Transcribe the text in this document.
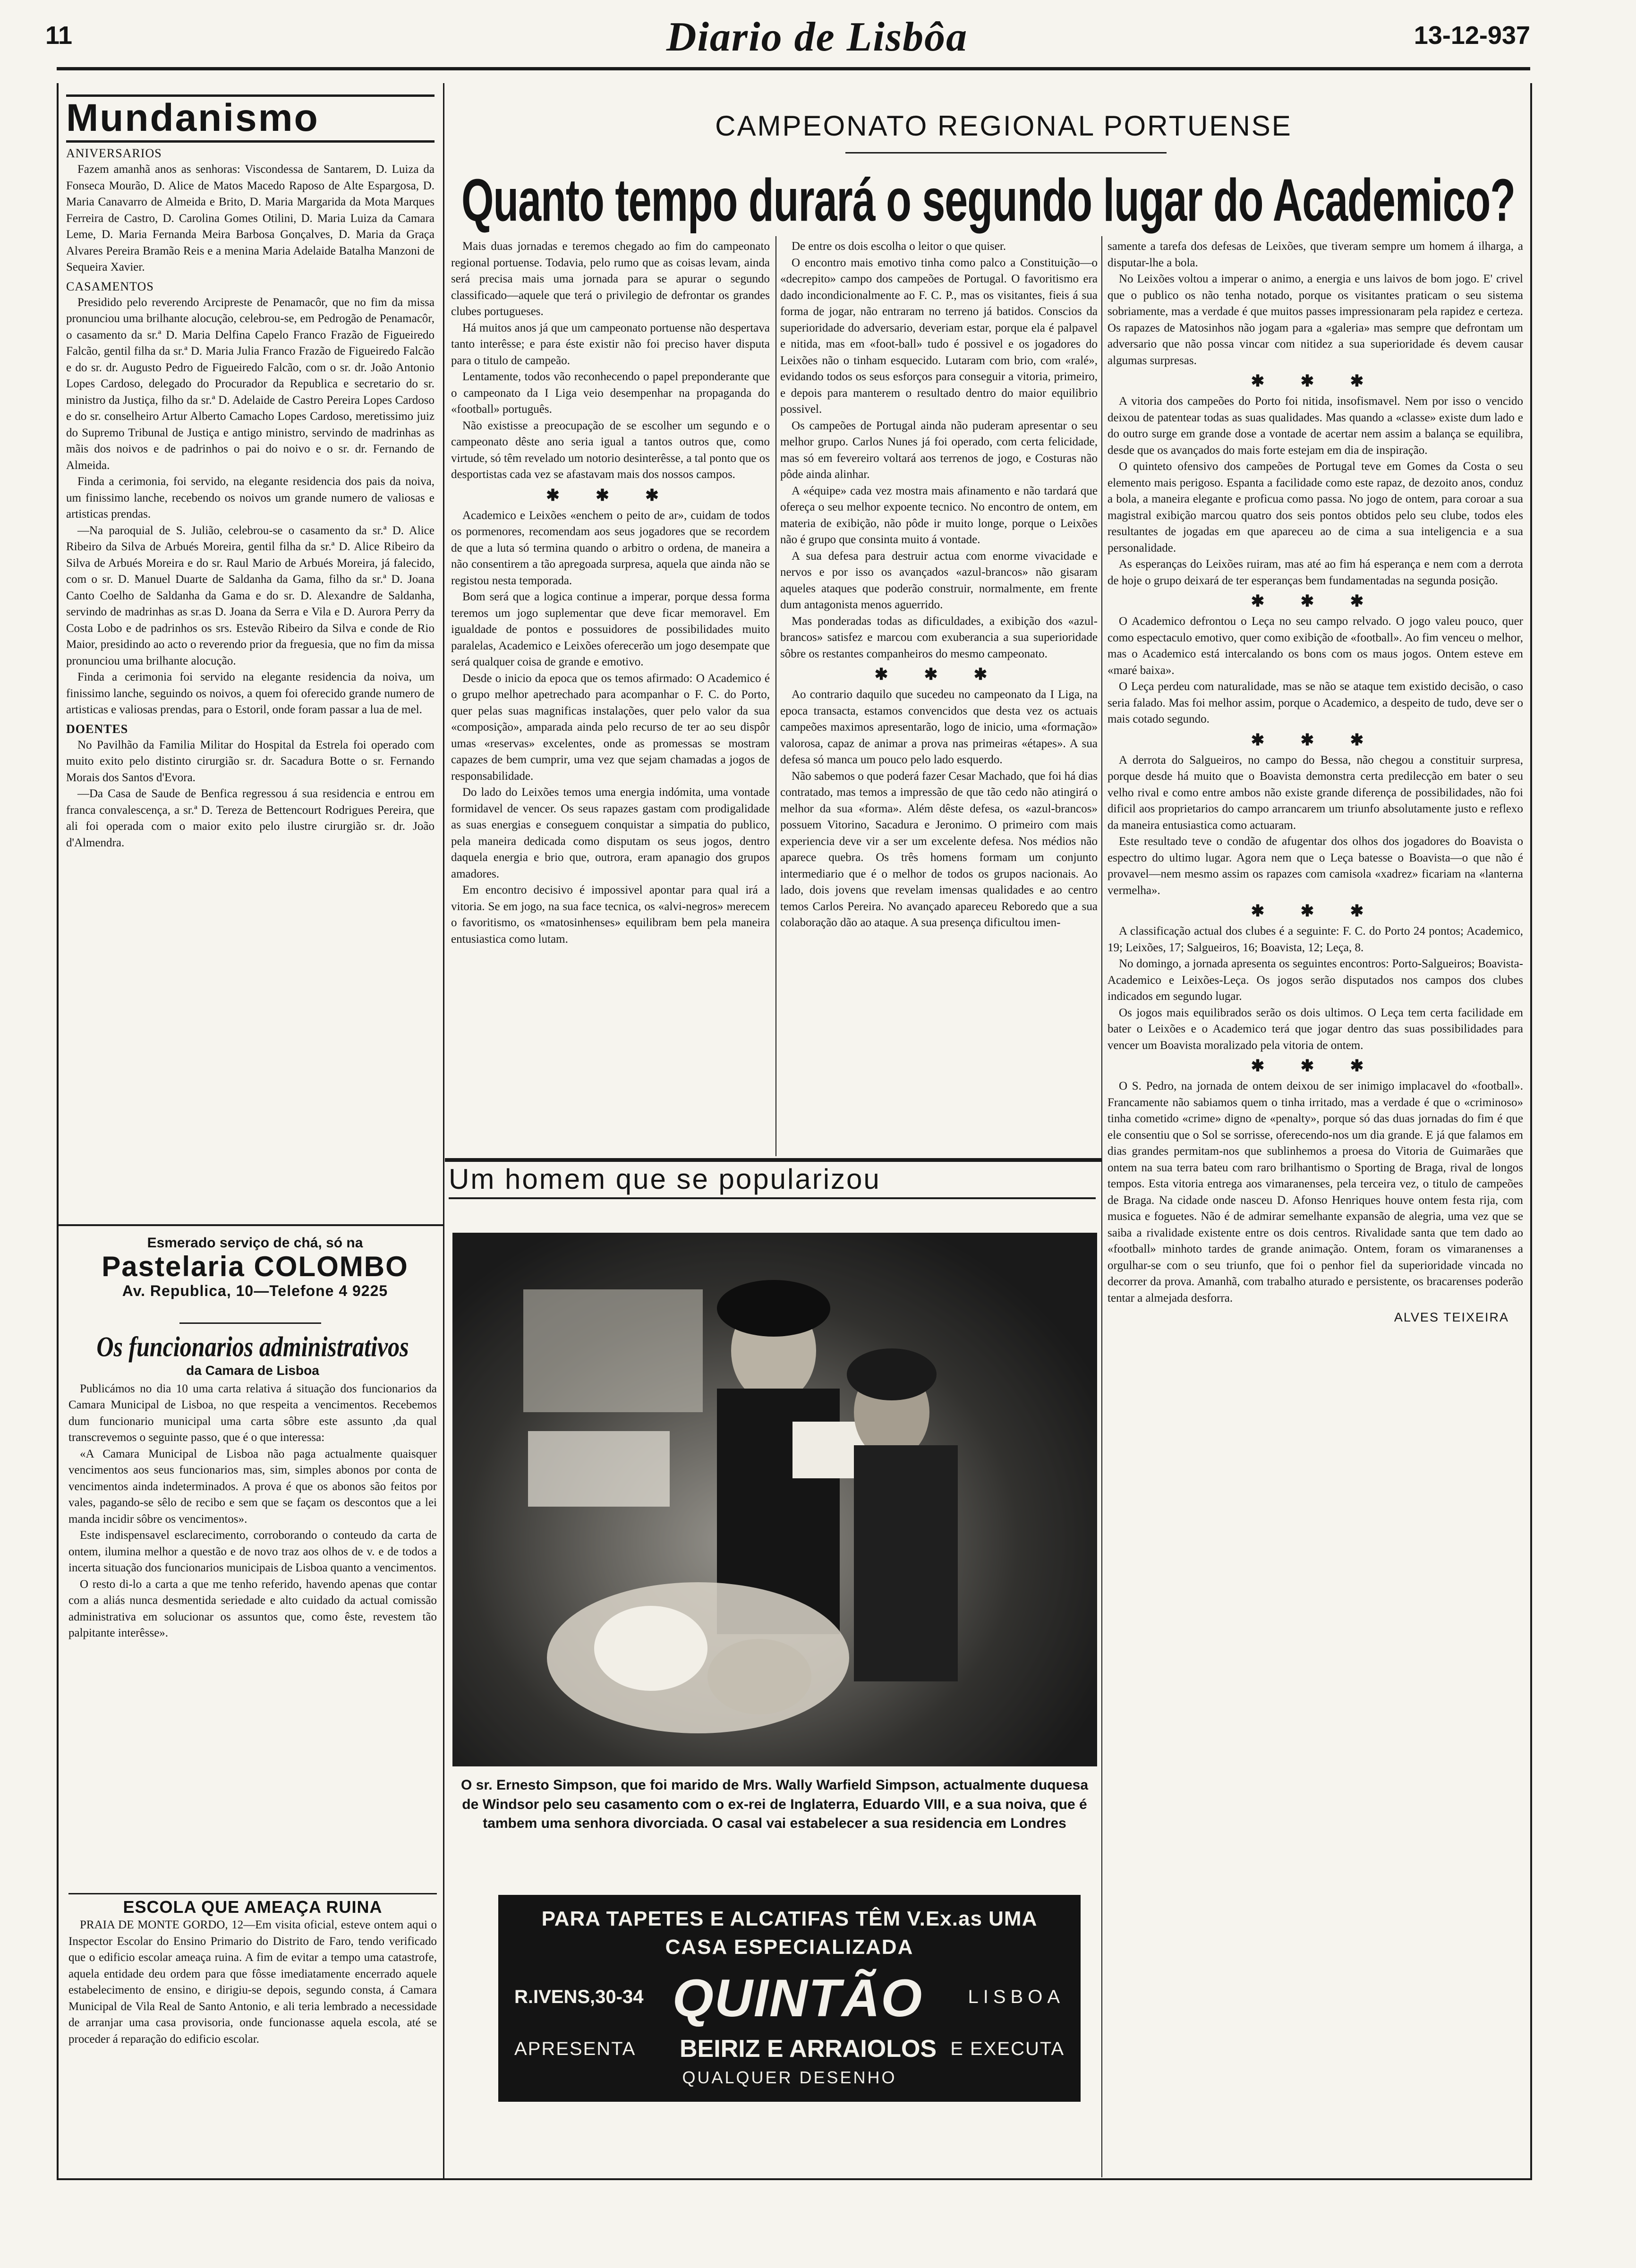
11	Diario de Lisbôa	13-12-937
Mundanismo
ANIVERSARIOS

Fazem amanhã anos as senhoras: Viscondessa de Santarem, D. Luiza da Fonseca Mourão, D. Alice de Matos Macedo Raposo de Alte Espargosa, D. Maria Canavarro de Almeida e Brito, D. Maria Margarida da Mota Marques Ferreira de Castro, D. Carolina Gomes Otilini, D. Maria Luiza da Camara Leme, D. Maria Fernanda Meira Barbosa Gonçalves, D. Maria da Graça Alvares Pereira Bramão Reis e a menina Maria Adelaide Batalha Manzoni de Sequeira Xavier.

CASAMENTOS

Presidido pelo reverendo Arcipreste de Penamacôr, que no fim da missa pronunciou uma brilhante alocução, celebrou-se, em Pedrogão de Penamacôr, o casamento da sr.ª D. Maria Delfina Capelo Franco Frazão de Figueiredo Falcão, gentil filha da sr.ª D. Maria Julia Franco Frazão de Figueiredo Falcão e do sr. dr. Augusto Pedro de Figueiredo Falcão, com o sr. dr. João Antonio Lopes Cardoso, delegado do Procurador da Republica e secretario do sr. ministro da Justiça, filho da sr.ª D. Adelaide de Castro Pereira Lopes Cardoso e do sr. conselheiro Artur Alberto Camacho Lopes Cardoso, meretissimo juiz do Supremo Tribunal de Justiça e antigo ministro, servindo de madrinhas as mãis dos noivos e de padrinhos o pai do noivo e o sr. dr. Fernando de Almeida.

Finda a cerimonia, foi servido, na elegante residencia dos pais da noiva, um finissimo lanche, recebendo os noivos um grande numero de valiosas e artisticas prendas.

—Na paroquial de S. Julião, celebrou-se o casamento da sr.ª D. Alice Ribeiro da Silva de Arbués Moreira, gentil filha da sr.ª D. Alice Ribeiro da Silva de Arbués Moreira e do sr. Raul Mario de Arbués Moreira, já falecido, com o sr. D. Manuel Duarte de Saldanha da Gama, filho da sr.ª D. Joana Canto Coelho de Saldanha da Gama e do sr. D. Alexandre de Saldanha, servindo de madrinhas as sr.as D. Joana da Serra e Vila e D. Aurora Perry da Costa Lobo e de padrinhos os srs. Estevão Ribeiro da Silva e conde de Rio Maior, presidindo ao acto o reverendo prior da freguesia, que no fim da missa pronunciou uma brilhante alocução.

Finda a cerimonia foi servido na elegante residencia da noiva, um finissimo lanche, seguindo os noivos, a quem foi oferecido grande numero de artisticas e valiosas prendas, para o Estoril, onde foram passar a lua de mel.

DOENTES

No Pavilhão da Familia Militar do Hospital da Estrela foi operado com muito exito pelo distinto cirurgião sr. dr. Sacadura Botte o sr. Fernando Morais dos Santos d'Evora.

—Da Casa de Saude de Benfica regressou á sua residencia e entrou em franca convalescença, a sr.ª D. Tereza de Bettencourt Rodrigues Pereira, que ali foi operada com o maior exito pelo ilustre cirurgião sr. dr. João d'Almendra.

Esmerado serviço de chá, só na
Pastelaria COLOMBO
Av. Republica, 10—Telefone 4 9225
Os funcionarios administrativos
da Camara de Lisboa

Publicámos no dia 10 uma carta relativa á situação dos funcionarios da Camara Municipal de Lisboa, no que respeita a vencimentos. Recebemos dum funcionario municipal uma carta sôbre este assunto ,da qual transcrevemos o seguinte passo, que é o que interessa:

«A Camara Municipal de Lisboa não paga actualmente quaisquer vencimentos aos seus funcionarios mas, sim, simples abonos por conta de vencimentos ainda indeterminados. A prova é que os abonos são feitos por vales, pagando-se sêlo de recibo e sem que se façam os descontos que a lei manda incidir sôbre os vencimentos».

Este indispensavel esclarecimento, corroborando o conteudo da carta de ontem, ilumina melhor a questão e de novo traz aos olhos de v. e de todos a incerta situação dos funcionarios municipais de Lisboa quanto a vencimentos.

O resto di-lo a carta a que me tenho referido, havendo apenas que contar com a aliás nunca desmentida seriedade e alto cuidado da actual comissão administrativa em solucionar os assuntos que, como êste, revestem tão palpitante interêsse».

ESCOLA QUE AMEAÇA RUINA

PRAIA DE MONTE GORDO, 12—Em visita oficial, esteve ontem aqui o Inspector Escolar do Ensino Primario do Distrito de Faro, tendo verificado que o edificio escolar ameaça ruina. A fim de evitar a tempo uma catastrofe, aquela entidade deu ordem para que fôsse imediatamente encerrado aquele estabelecimento de ensino, e dirigiu-se depois, segundo consta, á Camara Municipal de Vila Real de Santo Antonio, e ali teria lembrado a necessidade de arranjar uma casa provisoria, onde funcionasse aquela escola, até se proceder á reparação do edificio escolar.

CAMPEONATO REGIONAL PORTUENSE
Quanto tempo durará o segundo lugar do Academico?

Mais duas jornadas e teremos chegado ao fim do campeonato regional portuense. Todavia, pelo rumo que as coisas levam, ainda será precisa mais uma jornada para se apurar o segundo classificado—aquele que terá o privilegio de defrontar os grandes clubes portugueses.

Há muitos anos já que um campeonato portuense não despertava tanto interêsse; e para éste existir não foi preciso haver disputa para o titulo de campeão.

Lentamente, todos vão reconhecendo o papel preponderante que o campeonato da I Liga veio desempenhar na propaganda do «football» português.

Não existisse a preocupação de se escolher um segundo e o campeonato dêste ano seria igual a tantos outros que, como virtude, só têm revelado um notorio desinterêsse, a tal ponto que os desportistas cada vez se afastavam mais dos nossos campos.

✱ ✱ ✱

Academico e Leixões «enchem o peito de ar», cuidam de todos os pormenores, recomendam aos seus jogadores que se recordem de que a luta só termina quando o arbitro o ordena, de maneira a não consentirem a tão apregoada surpresa, aquela que ainda não se registou nesta temporada.

Bom será que a logica continue a imperar, porque dessa forma teremos um jogo suplementar que deve ficar memoravel. Em igualdade de pontos e possuidores de possibilidades muito paralelas, Academico e Leixões oferecerão um jogo desempate que será qualquer coisa de grande e emotivo.

Desde o inicio da epoca que os temos afirmado: O Academico é o grupo melhor apetrechado para acompanhar o F. C. do Porto, quer pelas suas magnificas instalações, quer pelo valor da sua «composição», amparada ainda pelo recurso de ter ao seu dispôr umas «reservas» excelentes, onde as promessas se mostram capazes de bem cumprir, uma vez que sejam chamadas a jogos de responsabilidade.

Do lado do Leixões temos uma energia indómita, uma vontade formidavel de vencer. Os seus rapazes gastam com prodigalidade as suas energias e conseguem conquistar a simpatia do publico, pela maneira dedicada como disputam os seus jogos, dentro daquela energia e brio que, outrora, eram apanagio dos grupos amadores.

Em encontro decisivo é impossivel apontar para qual irá a vitoria. Se em jogo, na sua face tecnica, os «alvi-negros» merecem o favoritismo, os «matosinhenses» equilibram bem pela maneira entusiastica como lutam.

De entre os dois escolha o leitor o que quiser.

O encontro mais emotivo tinha como palco a Constituição—o «decrepito» campo dos campeões de Portugal. O favoritismo era dado incondicionalmente ao F. C. P., mas os visitantes, fieis á sua forma de jogar, não entraram no terreno já batidos. Conscios da superioridade do adversario, deveriam estar, porque ela é palpavel e nitida, mas em «foot-ball» tudo é possivel e os jogadores do Leixões não o tinham esquecido. Lutaram com brio, com «ralé», evidando todos os seus esforços para conseguir a vitoria, primeiro, e depois para manterem o resultado dentro do maior equilibrio possivel.

Os campeões de Portugal ainda não puderam apresentar o seu melhor grupo. Carlos Nunes já foi operado, com certa felicidade, mas só em fevereiro voltará aos terrenos de jogo, e Costuras não pôde ainda alinhar.

A «équipe» cada vez mostra mais afinamento e não tardará que ofereça o seu melhor expoente tecnico. No encontro de ontem, em materia de exibição, não pôde ir muito longe, porque o Leixões não é grupo que consinta muito á vontade.

A sua defesa para destruir actua com enorme vivacidade e nervos e por isso os avançados «azul-brancos» não gisaram aqueles ataques que poderão construir, normalmente, em frente dum antagonista menos aguerrido.

Mas ponderadas todas as dificuldades, a exibição dos «azul-brancos» satisfez e marcou com exuberancia a sua superioridade sôbre os restantes companheiros do mesmo campeonato.

✱ ✱ ✱

Ao contrario daquilo que sucedeu no campeonato da I Liga, na epoca transacta, estamos convencidos que desta vez os actuais campeões maximos apresentarão, logo de inicio, uma «formação» valorosa, capaz de animar a prova nas primeiras «étapes». A sua defesa só manca um pouco pelo lado esquerdo.

Não sabemos o que poderá fazer Cesar Machado, que foi há dias contratado, mas temos a impressão de que tão cedo não atingirá o melhor da sua «forma». Além dêste defesa, os «azul-brancos» possuem Vitorino, Sacadura e Jeronimo. O primeiro com mais experiencia deve vir a ser um excelente defesa. Nos médios não aparece quebra. Os três homens formam um conjunto intermediario que é o melhor de todos os grupos nacionais. Ao lado, dois jovens que revelam imensas qualidades e ao centro temos Carlos Pereira. No avançado apareceu Reboredo que a sua colaboração dão ao ataque. A sua presença dificultou imen-

samente a tarefa dos defesas de Leixões, que tiveram sempre um homem á ilharga, a disputar-lhe a bola.

No Leixões voltou a imperar o animo, a energia e uns laivos de bom jogo. E' crivel que o publico os não tenha notado, porque os visitantes praticam o seu sistema sobriamente, mas a verdade é que muitos passes impressionaram pela rapidez e certeza. Os rapazes de Matosinhos não jogam para a «galeria» mas sempre que defrontam um adversario que não possa vincar com nitidez a sua superioridade és devem causar algumas surpresas.

✱ ✱ ✱

A vitoria dos campeões do Porto foi nitida, insofismavel. Nem por isso o vencido deixou de patentear todas as suas qualidades. Mas quando a «classe» existe dum lado e do outro surge em grande dose a vontade de acertar nem assim a balança se equilibra, desde que os avançados do mais forte estejam em dia de inspiração.

O quinteto ofensivo dos campeões de Portugal teve em Gomes da Costa o seu elemento mais perigoso. Espanta a facilidade como este rapaz, de dezoito anos, conduz a bola, a maneira elegante e proficua como passa. No jogo de ontem, para coroar a sua magistral exibição marcou quatro dos seis pontos obtidos pelo seu clube, todos eles resultantes de jogadas em que apareceu ao de cima a sua inteligencia e a sua personalidade.

As esperanças do Leixões ruiram, mas até ao fim há esperança e nem com a derrota de hoje o grupo deixará de ter esperanças bem fundamentadas na segunda posição.

✱ ✱ ✱

O Academico defrontou o Leça no seu campo relvado. O jogo valeu pouco, quer como espectaculo emotivo, quer como exibição de «football». Ao fim venceu o melhor, mas o Academico está intercalando os bons com os maus jogos. Ontem esteve em «maré baixa».

O Leça perdeu com naturalidade, mas se não se ataque tem existido decisão, o caso seria falado. Mas foi melhor assim, porque o Academico, a despeito de tudo, deve ser o mais cotado segundo.

✱ ✱ ✱

A derrota do Salgueiros, no campo do Bessa, não chegou a constituir surpresa, porque desde há muito que o Boavista demonstra certa predilecção em bater o seu velho rival e como entre ambos não existe grande diferença de possibilidades, não foi dificil aos proprietarios do campo arrancarem um triunfo absolutamente justo e reflexo da maneira entusiastica como actuaram.

Este resultado teve o condão de afugentar dos olhos dos jogadores do Boavista o espectro do ultimo lugar. Agora nem que o Leça batesse o Boavista—o que não é provavel—nem mesmo assim os rapazes com camisola «xadrez» ficariam na «lanterna vermelha».

✱ ✱ ✱

A classificação actual dos clubes é a seguinte: F. C. do Porto 24 pontos; Academico, 19; Leixões, 17; Salgueiros, 16; Boavista, 12; Leça, 8.

No domingo, a jornada apresenta os seguintes encontros: Porto-Salgueiros; Boavista-Academico e Leixões-Leça. Os jogos serão disputados nos campos dos clubes indicados em segundo lugar.

Os jogos mais equilibrados serão os dois ultimos. O Leça tem certa facilidade em bater o Leixões e o Academico terá que jogar dentro das suas possibilidades para vencer um Boavista moralizado pela vitoria de ontem.

✱ ✱ ✱

O S. Pedro, na jornada de ontem deixou de ser inimigo implacavel do «football». Francamente não sabiamos quem o tinha irritado, mas a verdade é que o «criminoso» tinha cometido «crime» digno de «penalty», porque só das duas jornadas do fim é que ele consentiu que o Sol se sorrisse, oferecendo-nos um dia grande. E já que falamos em dias grandes permitam-nos que sublinhemos a proesa do Vitoria de Guimarães que ontem na sua terra bateu com raro brilhantismo o Sporting de Braga, rival de longos tempos. Esta vitoria entrega aos vimaranenses, pela terceira vez, o titulo de campeões de Braga. Na cidade onde nasceu D. Afonso Henriques houve ontem festa rija, com musica e foguetes. Não é de admirar semelhante expansão de alegria, uma vez que se saiba a rivalidade existente entre os dois centros. Rivalidade santa que tem dado ao «football» minhoto tardes de grande animação. Ontem, foram os vimaranenses a orgulhar-se com o seu triunfo, que foi o penhor fiel da superioridade vincada no decorrer da prova. Amanhã, com trabalho aturado e persistente, os bracarenses poderão tentar a almejada desforra.

ALVES TEIXEIRA
Um homem que se popularizou
O sr. Ernesto Simpson, que foi marido de Mrs. Wally Warfield Simpson, actualmente duquesa de Windsor pelo seu casamento com o ex-rei de Inglaterra, Eduardo VIII, e a sua noiva, que é tambem uma senhora divorciada. O casal vai estabelecer a sua residencia em Londres
PARA TAPETES E ALCATIFAS TÊM V.Ex.as UMA
CASA ESPECIALIZADA
R.IVENS,30-34 QUINTÃO	LISBOA
APRESENTA BEIRIZ E ARRAIOLOS E EXECUTA
QUALQUER DESENHO
